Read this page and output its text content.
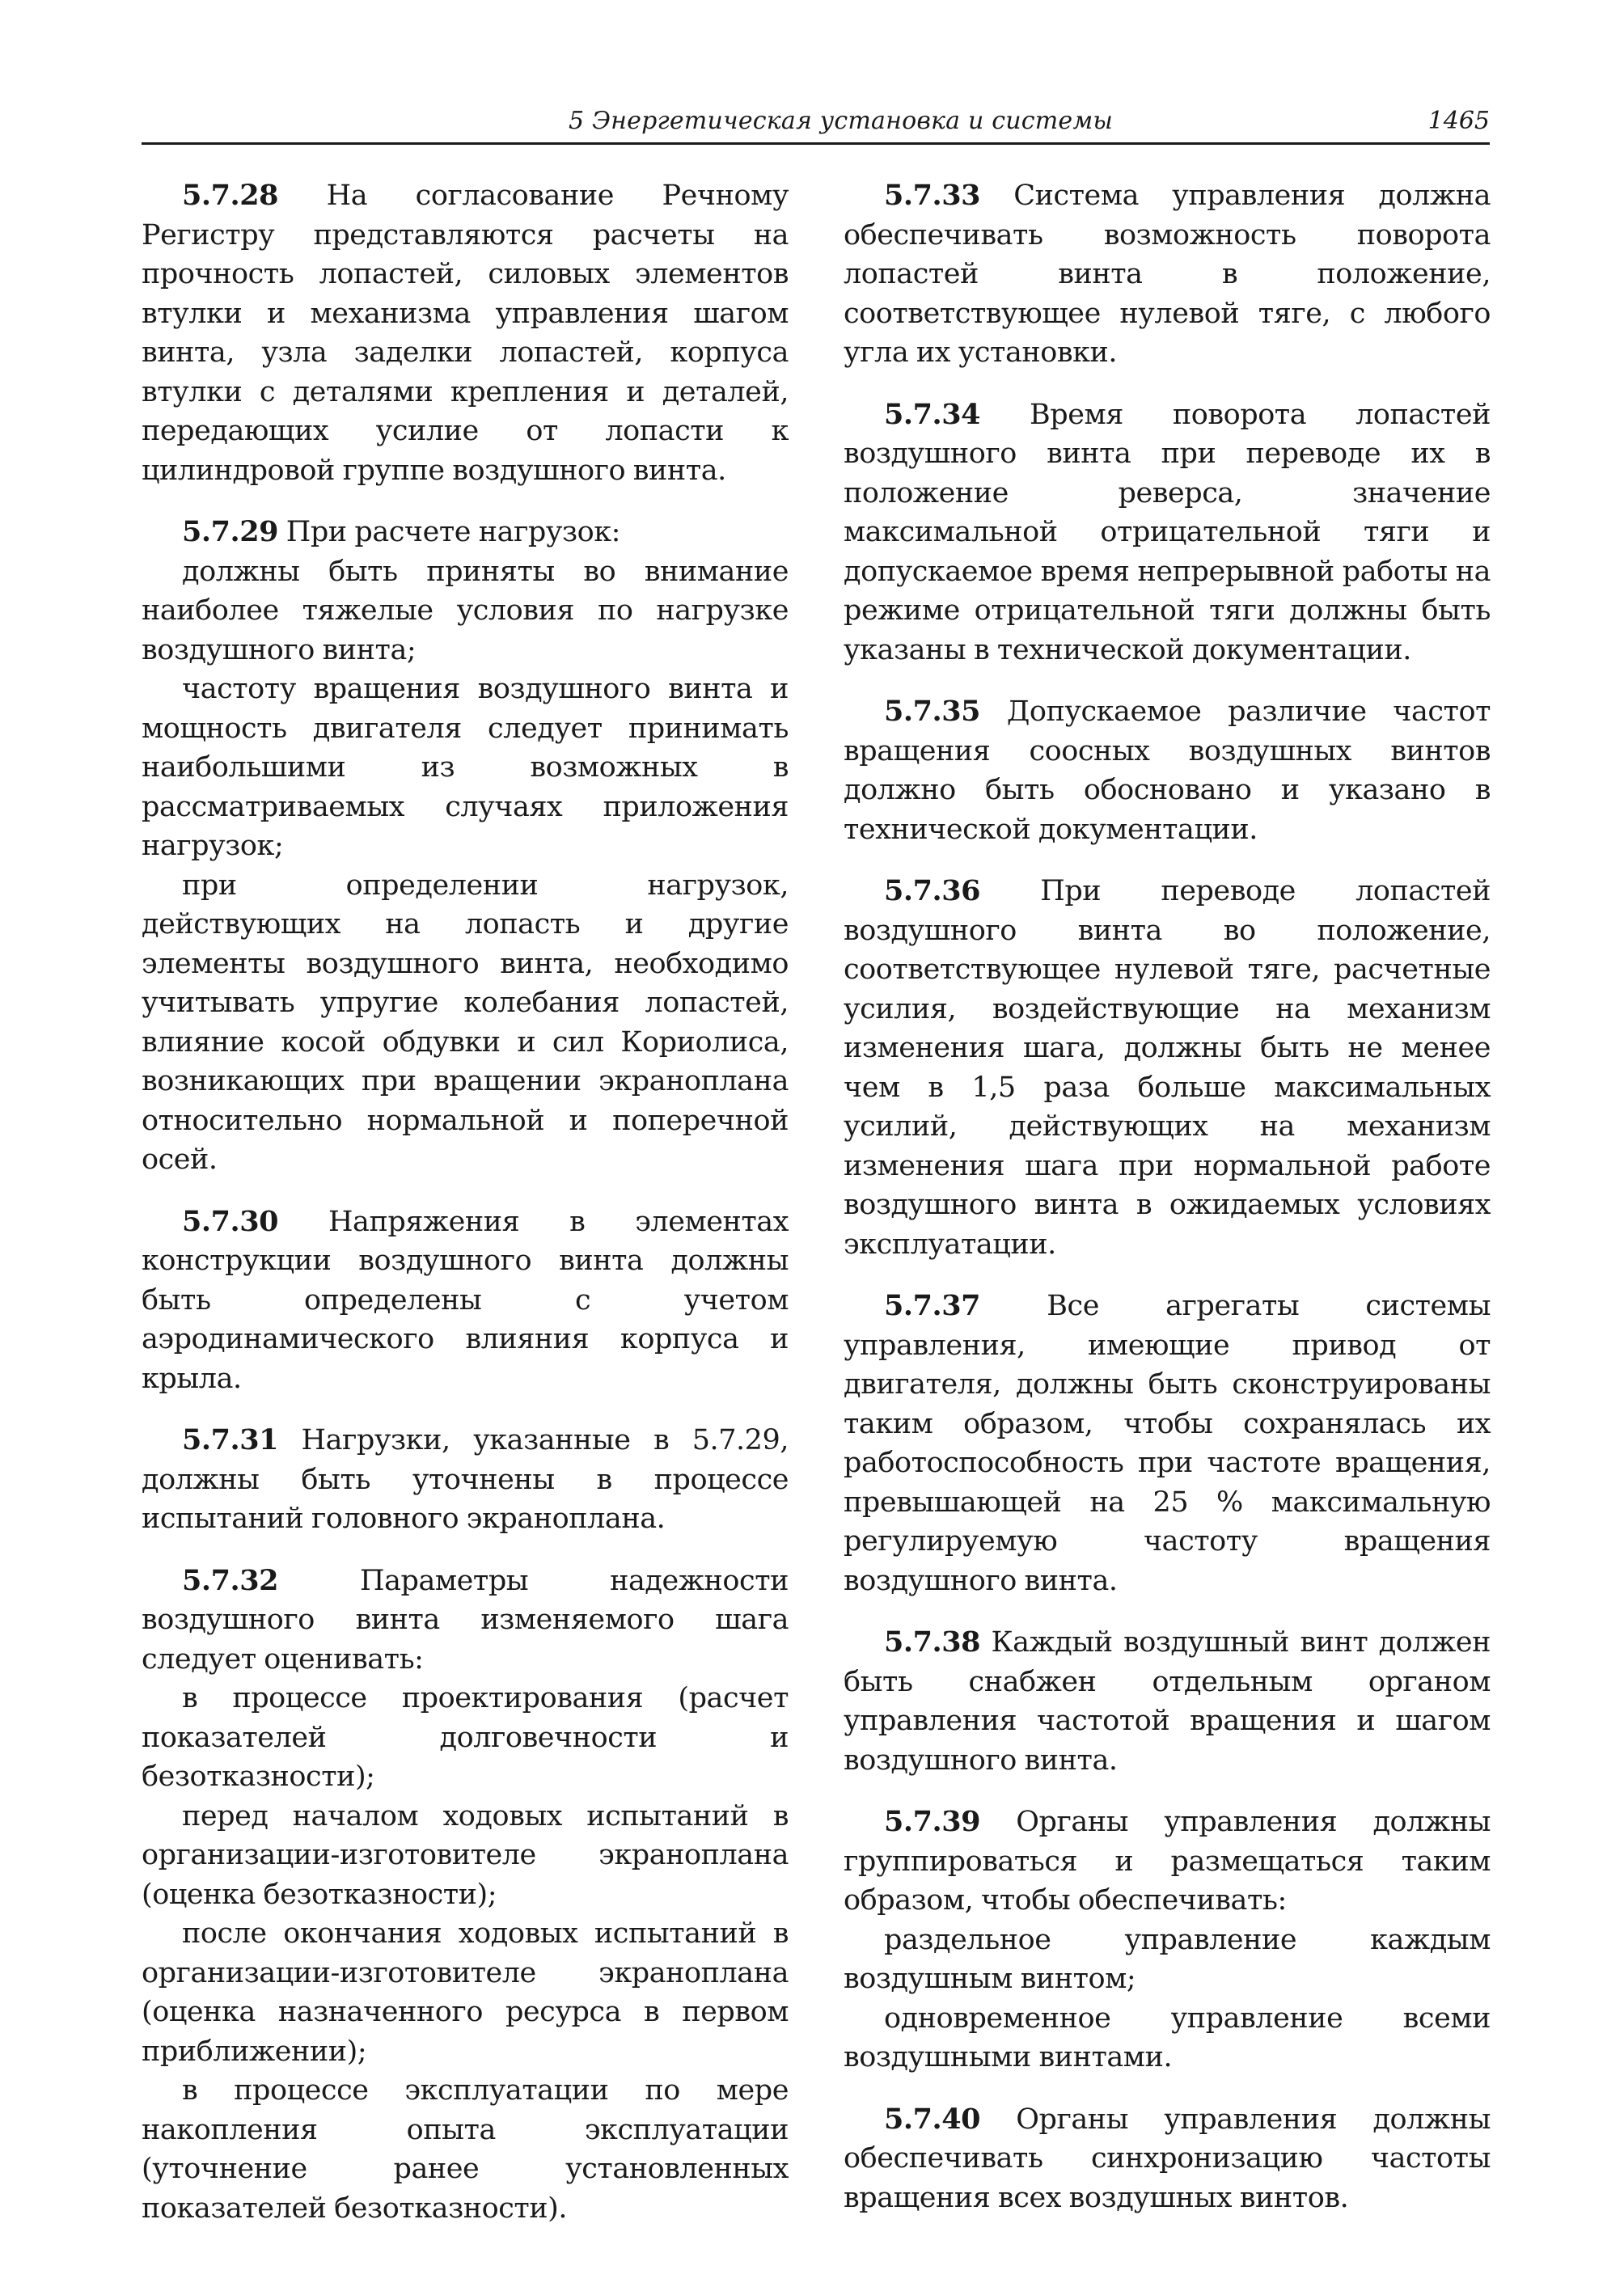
5 Энергетическая установка и системы	1465

5.7.28 На согласование Речному Регистру представляются расчеты на прочность лопастей, силовых элементов втулки и механизма управления шагом винта, узла заделки лопастей, корпуса втулки с деталями крепления и деталей, передающих усилие от лопасти к цилиндровой группе воздушного винта.

5.7.29 При расчете нагрузок:

должны быть приняты во внимание наиболее тяжелые условия по нагрузке воздушного винта;

частоту вращения воздушного винта и мощность двигателя следует принимать наибольшими из возможных в рассматриваемых случаях приложения нагрузок;

при определении нагрузок, действующих на лопасть и другие элементы воздушного винта, необходимо учитывать упругие колебания лопастей, влияние косой обдувки и сил Кориолиса, возникающих при вращении экраноплана относительно нормальной и поперечной осей.

5.7.30 Напряжения в элементах конструкции воздушного винта должны быть определены с учетом аэродинамического влияния корпуса и крыла.

5.7.31 Нагрузки, указанные в 5.7.29, должны быть уточнены в процессе испытаний головного экраноплана.

5.7.32	Параметры надежности воздушного винта изменяемого шага следует оценивать:

в процессе проектирования (расчет показателей долговечности и безотказности);

перед началом ходовых испытаний в организации-изготовителе экраноплана (оценка безотказности);

после окончания ходовых испытаний в организации-изготовителе экраноплана (оценка назначенного ресурса в первом приближении);

в процессе эксплуатации по мере накопления опыта эксплуатации (уточнение ранее установленных показателей безотказности).

5.7.33 Система управления должна обеспечивать возможность поворота лопастей винта в положение, соответствующее нулевой тяге, с любого угла их установки.

5.7.34 Время поворота лопастей воздушного винта при переводе их в положение реверса, значение максимальной отрицательной тяги и допускаемое время непрерывной работы на режиме отрицательной тяги должны быть указаны в технической документации.

5.7.35 Допускаемое различие частот вращения соосных воздушных винтов должно быть обосновано и указано в технической документации.

5.7.36 При переводе лопастей воздушного винта во положение, соответствующее нулевой тяге, расчетные усилия, воздействующие на механизм изменения шага, должны быть не менее чем в 1,5 раза больше максимальных усилий, действующих на механизм изменения шага при нормальной работе воздушного винта в ожидаемых условиях эксплуатации.

5.7.37 Все агрегаты системы управления, имеющие привод от двигателя, должны быть сконструированы таким образом, чтобы сохранялась их работоспособность при частоте вращения, превышающей на 25 % максимальную регулируемую частоту вращения воздушного винта.

5.7.38 Каждый воздушный винт должен быть снабжен отдельным органом управления частотой вращения и шагом воздушного винта.

5.7.39 Органы управления должны группироваться и размещаться таким образом, чтобы обеспечивать:

раздельное управление каждым воздушным винтом;

одновременное управление всеми воздушными винтами.

5.7.40 Органы управления должны обеспечивать синхронизацию частоты вращения всех воздушных винтов.
